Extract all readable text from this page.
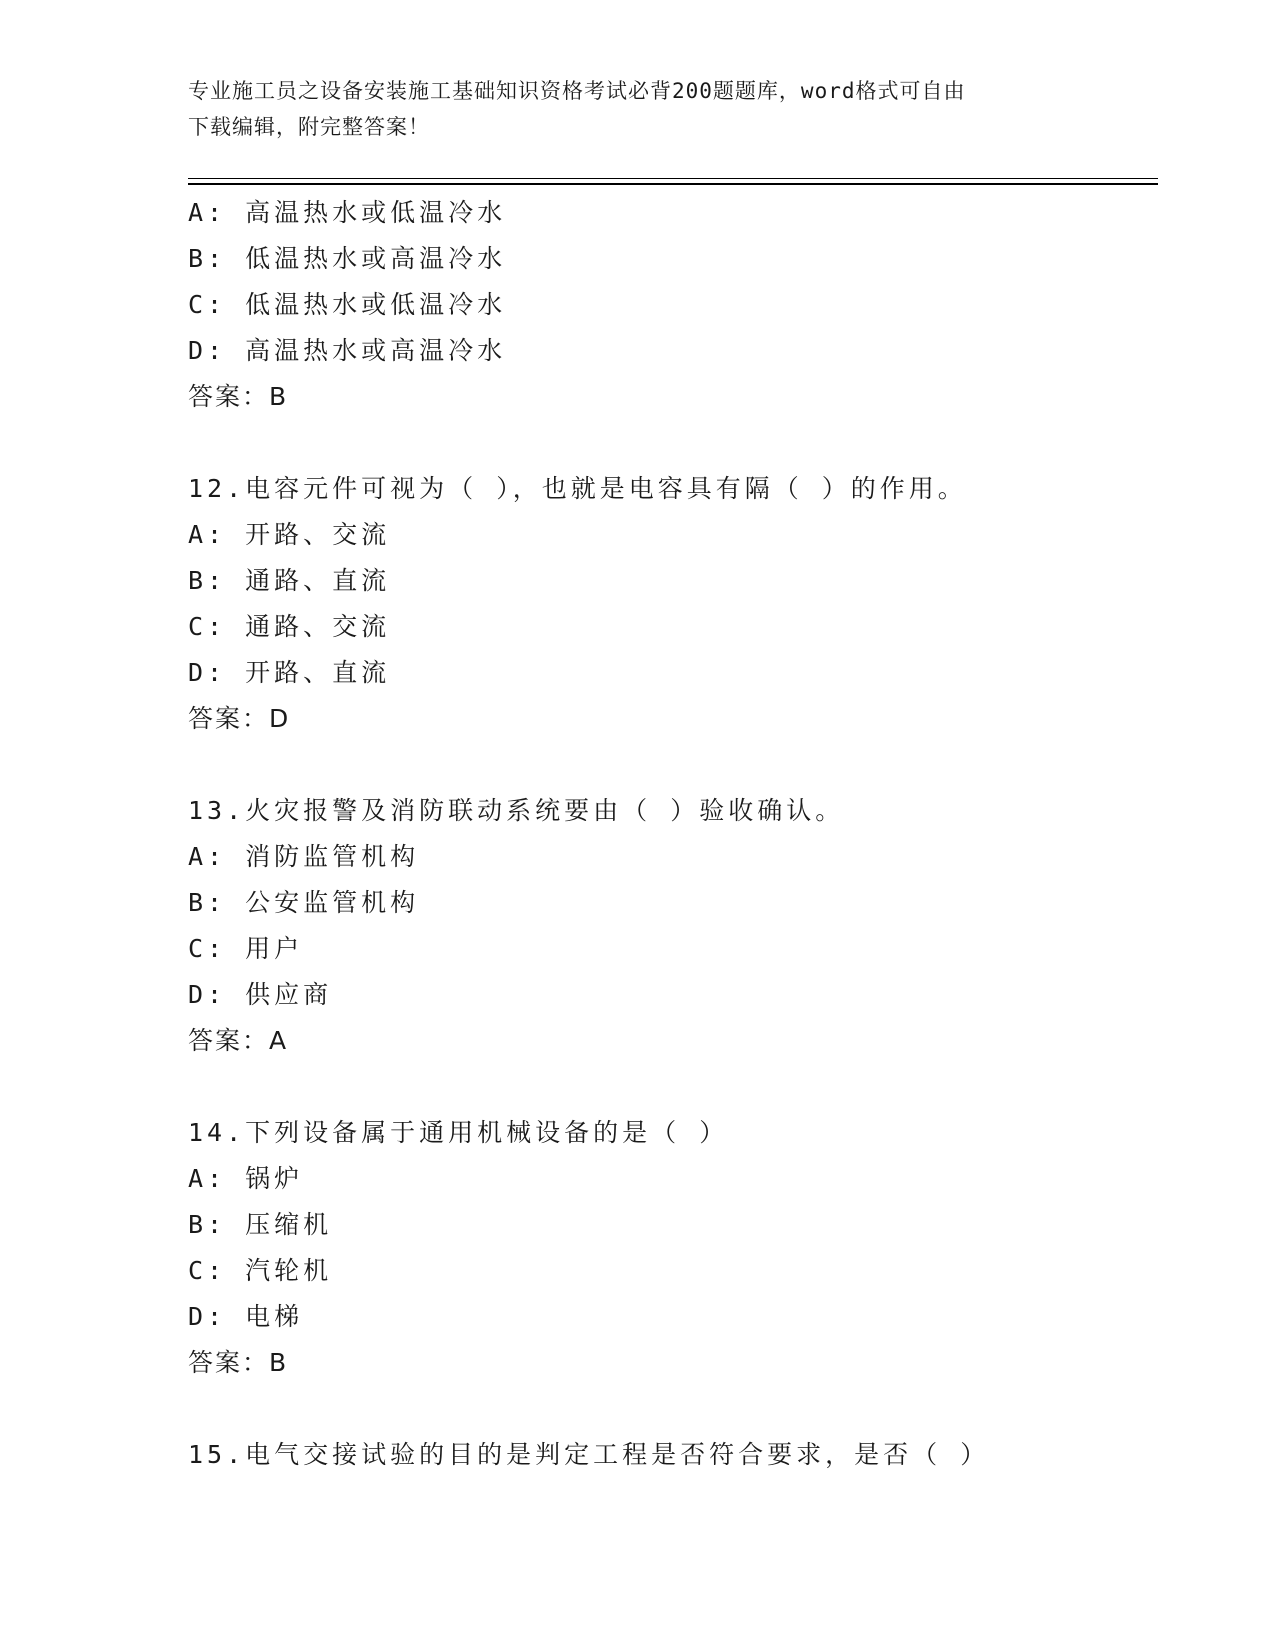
专业施工员之设备安装施工基础知识资格考试必背200题题库，word格式可自由
下载编辑，附完整答案！
A: 高温热水或低温冷水
B: 低温热水或高温冷水
C: 低温热水或低温冷水
D: 高温热水或高温冷水
答案：B
12.电容元件可视为（ ），也就是电容具有隔（ ）的作用。
A: 开路、交流
B: 通路、直流
C: 通路、交流
D: 开路、直流
答案：D
13.火灾报警及消防联动系统要由（ ）验收确认。
A: 消防监管机构
B: 公安监管机构
C: 用户
D: 供应商
答案：A
14.下列设备属于通用机械设备的是（ ）
A: 锅炉
B: 压缩机
C: 汽轮机
D: 电梯
答案：B
15.电气交接试验的目的是判定工程是否符合要求，是否（ ）
